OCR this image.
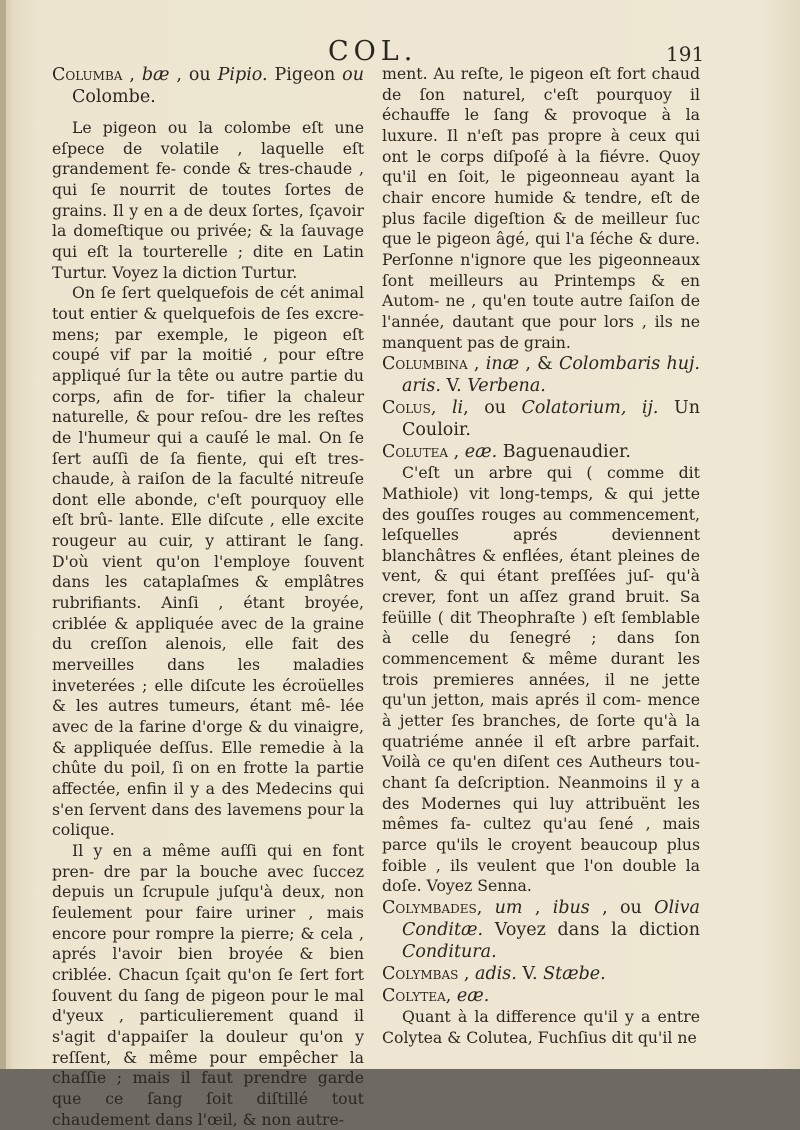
COL.	191

Columba , bæ , ou Pipio. Pigeon ou Colombe.

Le pigeon ou la colombe eſt une eſpece de volatile , laquelle eſt grandement fe- conde & tres-chaude , qui ſe nourrit de toutes ſortes de grains. Il y en a de deux ſortes, ſçavoir la domeſtique ou privée; & la ſauvage qui eſt la tourterelle ; dite en Latin Turtur. Voyez la diction Turtur.

On ſe ſert quelquefois de cét animal tout entier & quelquefois de ſes excre- mens; par exemple, le pigeon eſt coupé vif par la moitié , pour eſtre appliqué ſur la tête ou autre partie du corps, afin de for- tifier la chaleur naturelle, & pour reſou- dre les reſtes de l'humeur qui a cauſé le mal. On ſe ſert auſſi de ſa fiente, qui eſt tres- chaude, à raiſon de la faculté nitreuſe dont elle abonde, c'eſt pourquoy elle eſt brû- lante. Elle diſcute , elle excite rougeur au cuir, y attirant le ſang. D'où vient qu'on l'employe ſouvent dans les cataplaſmes & emplâtres rubrifiants. Ainſi , étant broyée, criblée & appliquée avec de la graine du creſſon alenois, elle fait des merveilles dans les maladies inveterées ; elle diſcute les écroüelles & les autres tumeurs, étant mê- lée avec de la farine d'orge & du vinaigre, & appliquée deſſus. Elle remedie à la chûte du poil, ſi on en frotte la partie affectée, enfin il y a des Medecins qui s'en ſervent dans des lavemens pour la colique.

Il y en a même auſſi qui en font pren- dre par la bouche avec ſuccez depuis un ſcrupule juſqu'à deux, non ſeulement pour faire uriner , mais encore pour rompre la pierre; & cela , aprés l'avoir bien broyée & bien criblée. Chacun ſçait qu'on ſe ſert fort ſouvent du ſang de pigeon pour le mal d'yeux , particulierement quand il s'agit d'appaiſer la douleur qu'on y reſſent, & même pour empêcher la chaſſie ; mais il faut prendre garde que ce ſang ſoit diſtillé tout chaudement dans l'œil, & non autre-

ment. Au reſte, le pigeon eſt fort chaud de ſon naturel, c'eſt pourquoy il échauffe le ſang & provoque à la luxure. Il n'eſt pas propre à ceux qui ont le corps diſpoſé à la fiévre. Quoy qu'il en ſoit, le pigeonneau ayant la chair encore humide & tendre, eſt de plus facile digeſtion & de meilleur ſuc que le pigeon âgé, qui l'a ſéche & dure. Perſonne n'ignore que les pigeonneaux ſont meilleurs au Printemps & en Autom- ne , qu'en toute autre ſaiſon de l'année, dautant que pour lors , ils ne manquent pas de grain.

Columbina , inæ , & Colombaris huj. aris. V. Verbena.

Colus, li, ou Colatorium, ij. Un Couloir.

Colutea , eæ. Baguenaudier.

C'eſt un arbre qui ( comme dit Mathiole) vit long-temps, & qui jette des gouſſes rouges au commencement, leſquelles aprés deviennent blanchâtres & enflées, étant pleines de vent, & qui étant preſſées juſ- qu'à crever, font un aſſez grand bruit. Sa feüille ( dit Theophraſte ) eſt ſemblable à celle du ſenegré ; dans ſon commencement & même durant les trois premieres années, il ne jette qu'un jetton, mais aprés il com- mence à jetter ſes branches, de ſorte qu'à la quatriéme année il eſt arbre parfait. Voilà ce qu'en diſent ces Autheurs tou- chant ſa deſcription. Neanmoins il y a des Modernes qui luy attribuënt les mêmes fa- cultez qu'au ſené , mais parce qu'ils le croyent beaucoup plus foible , ils veulent que l'on double la doſe. Voyez Senna.

Colymbades, um , ibus , ou Oliva Conditæ. Voyez dans la diction Conditura.

Colymbas , adis. V. Stæbe.

Colytea, eæ.

Quant à la difference qu'il y a entre Colytea & Colutea, Fuchſius dit qu'il ne
